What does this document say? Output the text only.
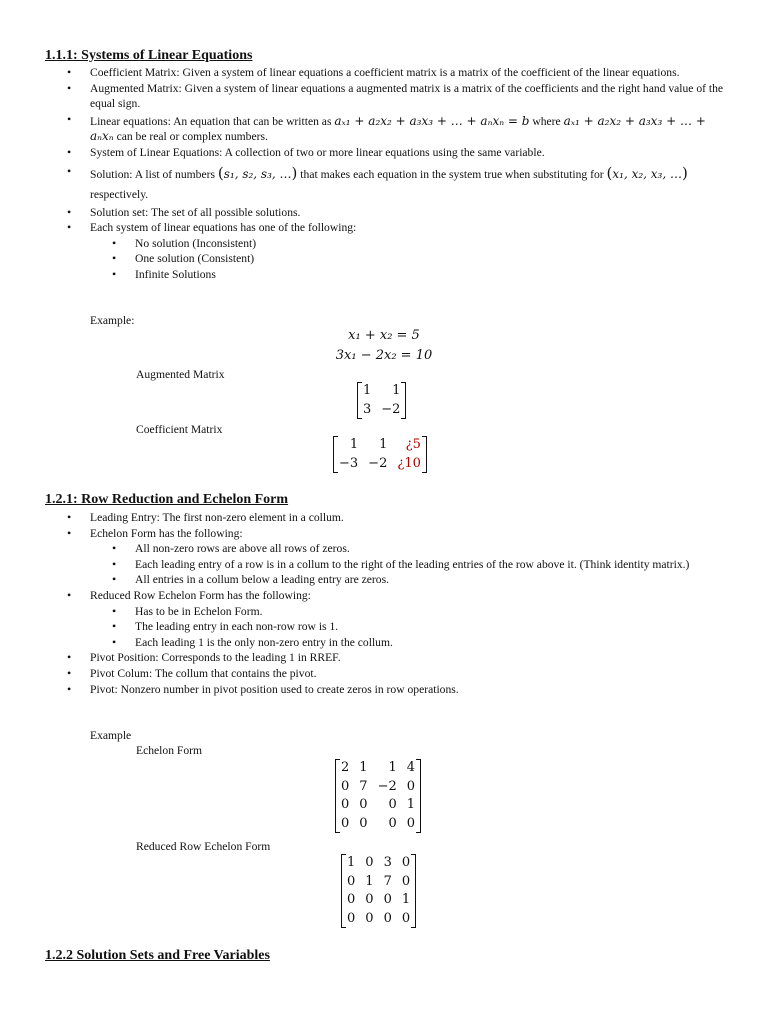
1.1.1: Systems of Linear Equations
• Coefficient Matrix: Given a system of linear equations a coefficient matrix is a matrix of the coefficient of the linear equations.
• Augmented Matrix: Given a system of linear equations a augmented matrix is a matrix of the coefficients and the right hand value of the equal sign.
• Linear equations: An equation that can be written as aₓ₁ + a₂x₂ + a₃x₃ + … + aₙxₙ = b where aₓ₁ + a₂x₂ + a₃x₃ + … + aₙxₙ can be real or complex numbers.
• System of Linear Equations: A collection of two or more linear equations using the same variable.
• Solution: A list of numbers (s₁, s₂, s₃, …) that makes each equation in the system true when substituting for (x₁, x₂, x₃, …) respectively.
• Solution set: The set of all possible solutions.
• Each system of linear equations has one of the following:
• No solution (Inconsistent)
• One solution (Consistent)
• Infinite Solutions
Example:
x₁ + x₂ = 5
3x₁ − 2x₂ = 10
Augmented Matrix
1	1
3	−2
Coefficient Matrix
1	1	¿5
−3	−2	¿10
1.2.1: Row Reduction and Echelon Form
• Leading Entry: The first non-zero element in a collum.
• Echelon Form has the following:
• All non-zero rows are above all rows of zeros.
• Each leading entry of a row is in a collum to the right of the leading entries of the row above it. (Think identity matrix.)
• All entries in a collum below a leading entry are zeros.
• Reduced Row Echelon Form has the following:
• Has to be in Echelon Form.
• The leading entry in each non-row row is 1.
• Each leading 1 is the only non-zero entry in the collum.
• Pivot Position: Corresponds to the leading 1 in RREF.
• Pivot Colum: The collum that contains the pivot.
• Pivot: Nonzero number in pivot position used to create zeros in row operations.
Example
Echelon Form
2	1	1	4
0	7	−2	0
0	0	0	1
0	0	0	0
Reduced Row Echelon Form
1	0	3	0
0	1	7	0
0	0	0	1
0	0	0	0
1.2.2 Solution Sets and Free Variables
